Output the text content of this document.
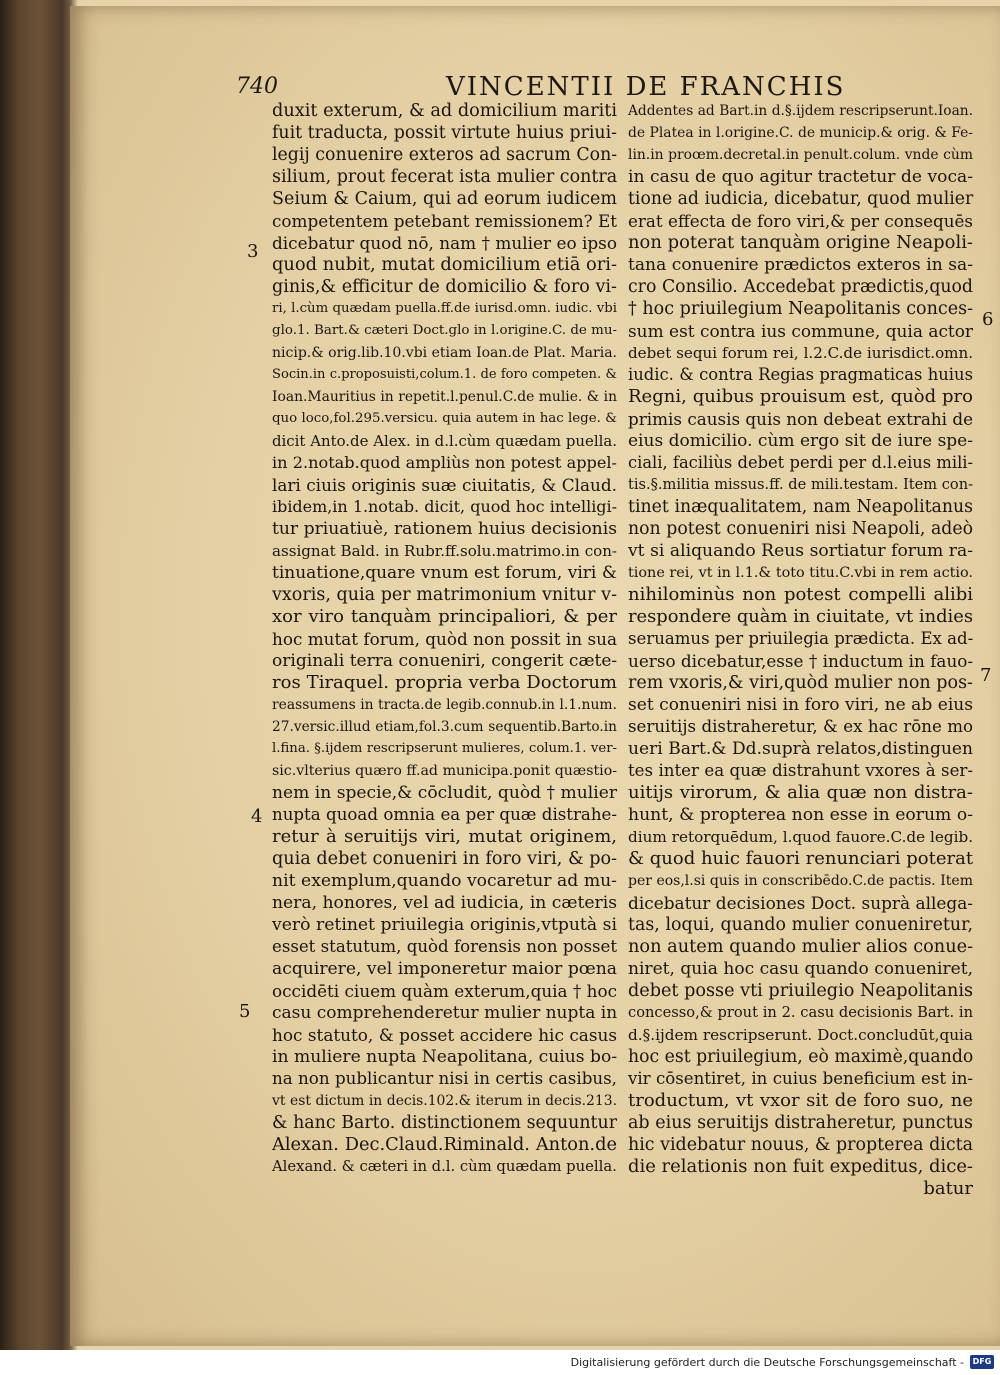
740	VINCENTII DE FRANCHIS
3
4
5
6
7
duxit exterum, & ad domicilium mariti
fuit traducta, possit virtute huius priui-
legij conuenire exteros ad sacrum Con-
silium, prout fecerat ista mulier contra
Seium & Caium, qui ad eorum iudicem
competentem petebant remissionem? Et
dicebatur quod nō, nam † mulier eo ipso
quod nubit, mutat domicilium etiā ori-
ginis,& efficitur de domicilio & foro vi-
ri, l.cùm quædam puella.ff.de iurisd.omn. iudic. vbi
glo.1. Bart.& cæteri Doct.glo in l.origine.C. de mu-
nicip.& orig.lib.10.vbi etiam Ioan.de Plat. Maria.
Socin.in c.proposuisti,colum.1. de foro competen. &
Ioan.Mauritius in repetit.l.penul.C.de mulie. & in
quo loco,fol.295.versicu. quia autem in hac lege. &
dicit Anto.de Alex. in d.l.cùm quædam puella.
in 2.notab.quod ampliùs non potest appel-
lari ciuis originis suæ ciuitatis, & Claud.
ibidem,in 1.notab. dicit, quod hoc intelligi-
tur priuatiuè, rationem huius decisionis
assignat Bald. in Rubr.ff.solu.matrimo.in con-
tinuatione,quare vnum est forum, viri &
vxoris, quia per matrimonium vnitur v-
xor viro tanquàm principaliori, & per
hoc mutat forum, quòd non possit in sua
originali terra conueniri, congerit cæte-
ros Tiraquel. propria verba Doctorum
reassumens in tracta.de legib.connub.in l.1.num.
27.versic.illud etiam,fol.3.cum sequentib.Barto.in
l.fina. §.ijdem rescripserunt mulieres, colum.1. ver-
sic.vlterius quæro ff.ad municipa.ponit quæstio-
nem in specie,& cōcludit, quòd † mulier
nupta quoad omnia ea per quæ distrahe-
retur à seruitijs viri, mutat originem,
quia debet conueniri in foro viri, & po-
nit exemplum,quando vocaretur ad mu-
nera, honores, vel ad iudicia, in cæteris
verò retinet priuilegia originis,vtputà si
esset statutum, quòd forensis non posset
acquirere, vel imponeretur maior pœna
occidēti ciuem quàm exterum,quia † hoc
casu comprehenderetur mulier nupta in
hoc statuto, & posset accidere hic casus
in muliere nupta Neapolitana, cuius bo-
na non publicantur nisi in certis casibus,
vt est dictum in decis.102.& iterum in decis.213.
& hanc Barto. distinctionem sequuntur
Alexan. Dec.Claud.Riminald. Anton.de
Alexand. & cæteri in d.l. cùm quædam puella.
Addentes ad Bart.in d.§.ijdem rescripserunt.Ioan.
de Platea in l.origine.C. de municip.& orig. & Fe-
lin.in proœm.decretal.in penult.colum. vnde cùm
in casu de quo agitur tractetur de voca-
tione ad iudicia, dicebatur, quod mulier
erat effecta de foro viri,& per consequēs
non poterat tanquàm origine Neapoli-
tana conuenire prædictos exteros in sa-
cro Consilio. Accedebat prædictis,quod
† hoc priuilegium Neapolitanis conces-
sum est contra ius commune, quia actor
debet sequi forum rei, l.2.C.de iurisdict.omn.
iudic. & contra Regias pragmaticas huius
Regni, quibus prouisum est, quòd pro
primis causis quis non debeat extrahi de
eius domicilio. cùm ergo sit de iure spe-
ciali, faciliùs debet perdi per d.l.eius mili-
tis.§.militia missus.ff. de mili.testam. Item con-
tinet inæqualitatem, nam Neapolitanus
non potest conueniri nisi Neapoli, adeò
vt si aliquando Reus sortiatur forum ra-
tione rei, vt in l.1.& toto titu.C.vbi in rem actio.
nihilominùs non potest compelli alibi
respondere quàm in ciuitate, vt indies
seruamus per priuilegia prædicta. Ex ad-
uerso dicebatur,esse † inductum in fauo-
rem vxoris,& viri,quòd mulier non pos-
set conueniri nisi in foro viri, ne ab eius
seruitijs distraheretur, & ex hac rōne mo
ueri Bart.& Dd.suprà relatos,distinguen
tes inter ea quæ distrahunt vxores à ser-
uitijs virorum, & alia quæ non distra-
hunt, & propterea non esse in eorum o-
dium retorquēdum, l.quod fauore.C.de legib.
& quod huic fauori renunciari poterat
per eos,l.si quis in conscribēdo.C.de pactis. Item
dicebatur decisiones Doct. suprà allega-
tas, loqui, quando mulier conueniretur,
non autem quando mulier alios conue-
niret, quia hoc casu quando conueniret,
debet posse vti priuilegio Neapolitanis
concesso,& prout in 2. casu decisionis Bart. in
d.§.ijdem rescripserunt. Doct.concludūt,quia
hoc est priuilegium, eò maximè,quando
vir cōsentiret, in cuius beneficium est in-
troductum, vt vxor sit de foro suo, ne
ab eius seruitijs distraheretur, punctus
hic videbatur nouus, & propterea dicta
die relationis non fuit expeditus, dice-
batur
Digitalisierung gefördert durch die Deutsche Forschungsgemeinschaft -	DFG
